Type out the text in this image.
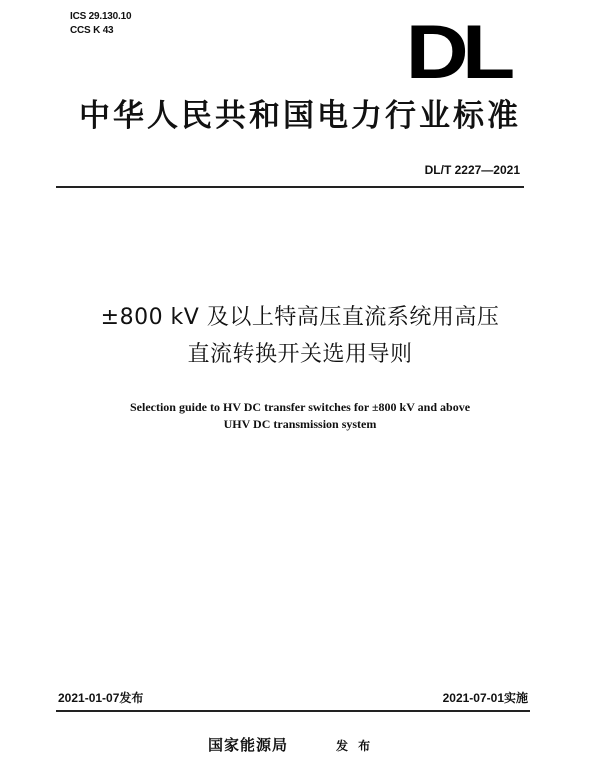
ICS 29.130.10
CCS K 43	DL
中华人民共和国电力行业标准
DL/T 2227—2021
±800 kV 及以上特高压直流系统用高压
直流转换开关选用导则
Selection guide to HV DC transfer switches for ±800 kV and above
UHV DC transmission system
2021-01-07发布	2021-07-01实施
国家能源局	发 布
